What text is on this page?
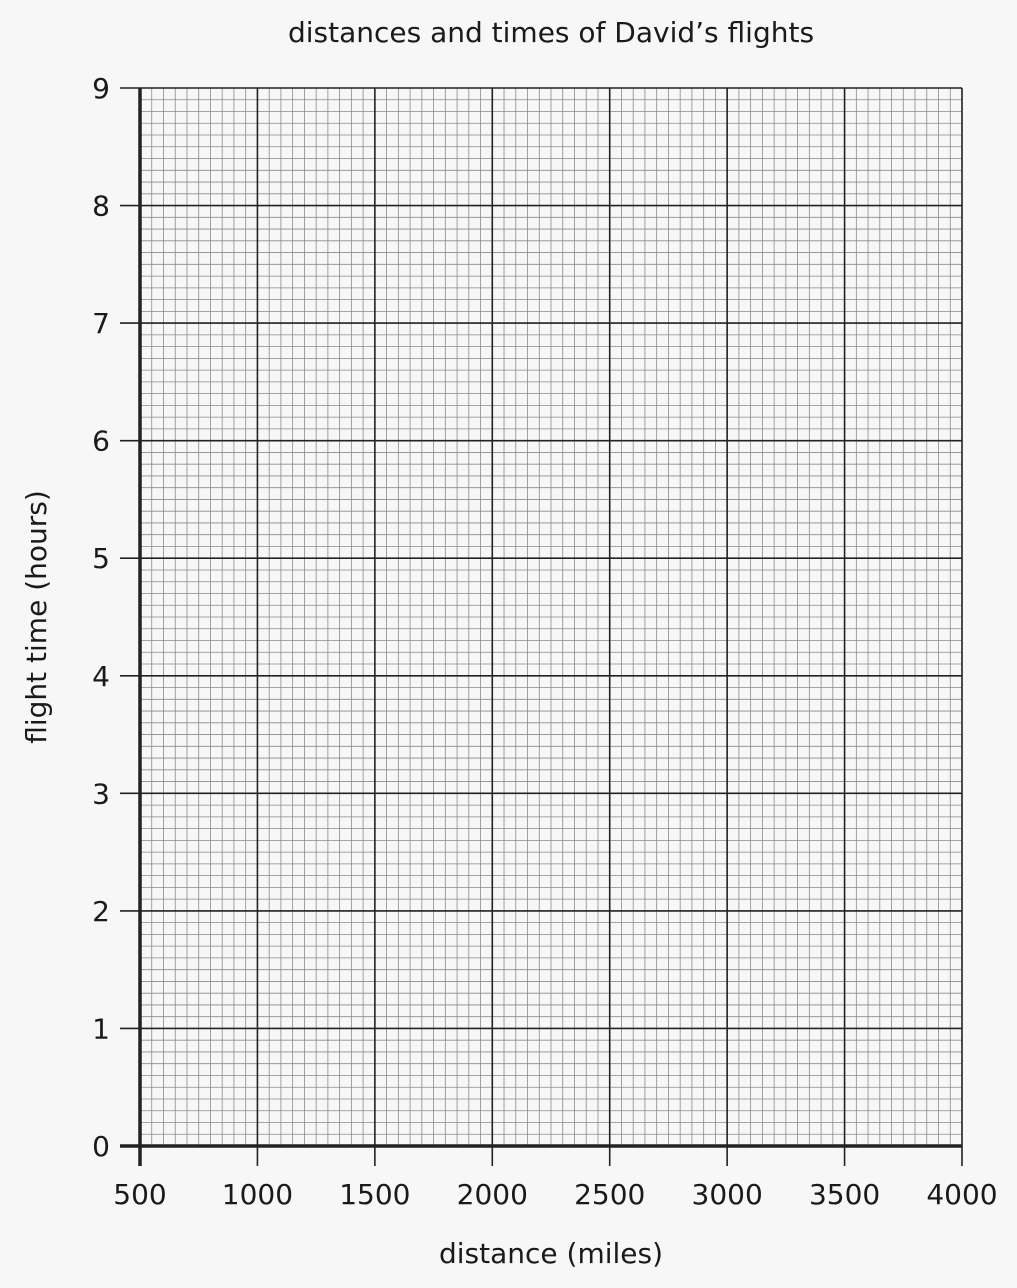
distances and times of David’s flights
500 1000 1500 2000 2500 3000 3500 4000
0
1
2
3
4
5
6
7
8
9
distance (miles)
flight time (hours)
